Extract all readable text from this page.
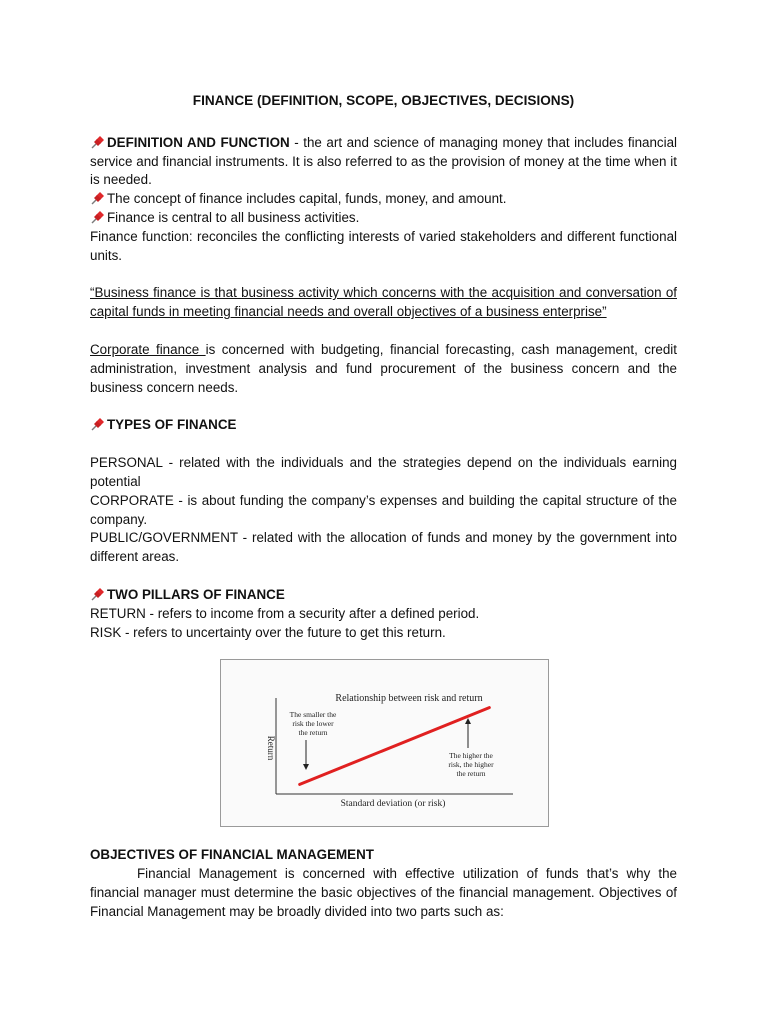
FINANCE (DEFINITION, SCOPE, OBJECTIVES, DECISIONS)

DEFINITION AND FUNCTION - the art and science of managing money that includes financial service and financial instruments. It is also referred to as the provision of money at the time when it is needed.

The concept of finance includes capital, funds, money, and amount.

Finance is central to all business activities.

Finance function: reconciles the conflicting interests of varied stakeholders and different functional units.

“Business finance is that business activity which concerns with the acquisition and conversation of capital funds in meeting financial needs and overall objectives of a business enterprise”

Corporate finance is concerned with budgeting, financial forecasting, cash management, credit administration, investment analysis and fund procurement of the business concern and the business concern needs.

TYPES OF FINANCE

PERSONAL - related with the individuals and the strategies depend on the individuals earning potential

CORPORATE - is about funding the company’s expenses and building the capital structure of the company.

PUBLIC/GOVERNMENT - related with the allocation of funds and money by the government into different areas.

TWO PILLARS OF FINANCE

RETURN - refers to income from a security after a defined period.

RISK - refers to uncertainty over the future to get this return.

Relationship between risk and return
Return
Standard deviation (or risk)
The smaller the
risk the lower
the return
The higher the
risk, the higher
the return

OBJECTIVES OF FINANCIAL MANAGEMENT

Financial Management is concerned with effective utilization of funds that’s why the financial manager must determine the basic objectives of the financial management. Objectives of Financial Management may be broadly divided into two parts such as:
